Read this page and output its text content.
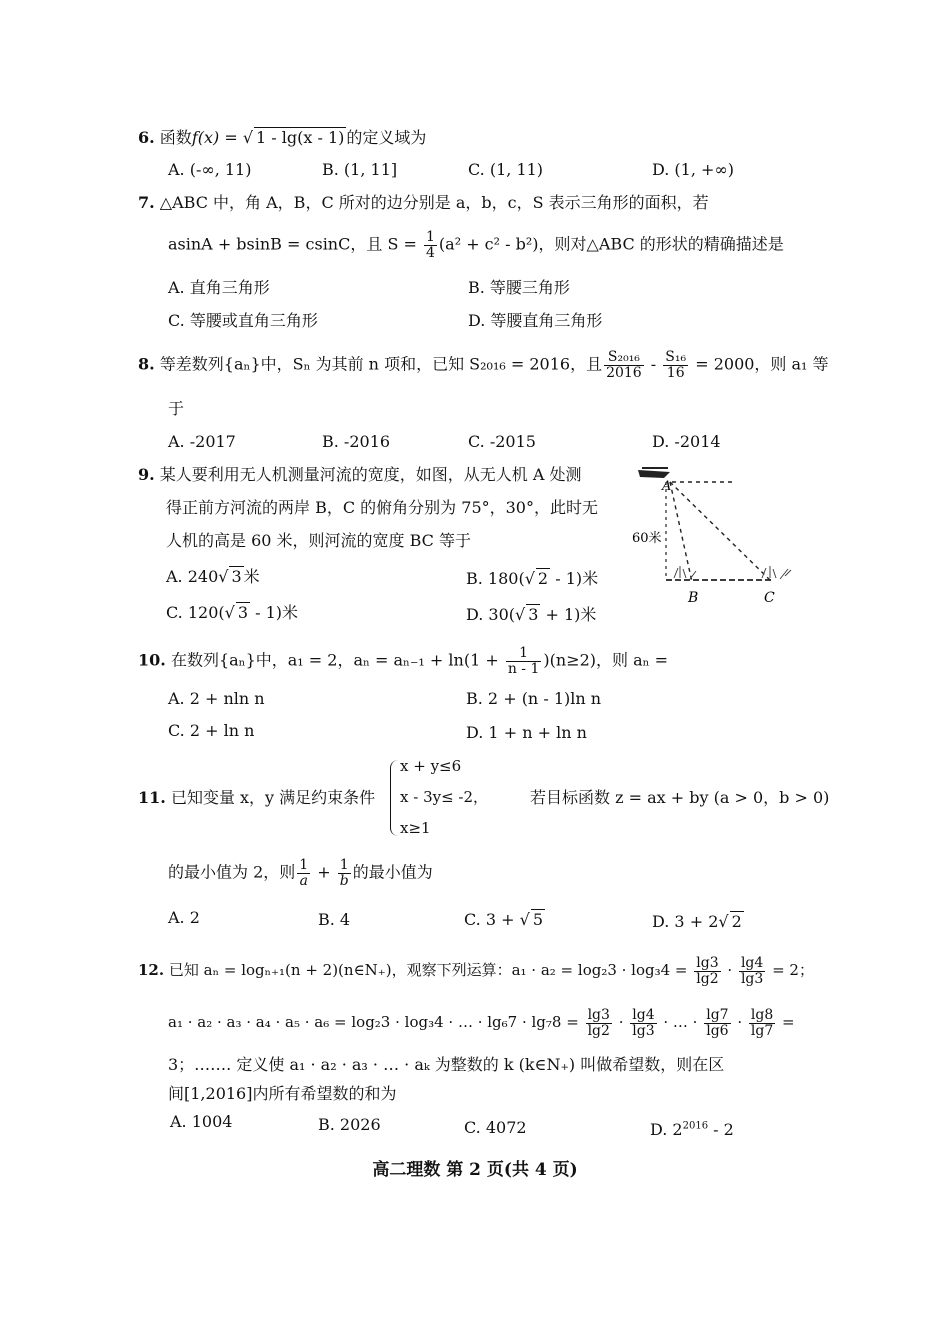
6. 函数f(x) = √ 1 - lg(x - 1) 的定义域为
A. (-∞, 11)	B. (1, 11]	C. (1, 11)	D. (1, +∞)
7. △ABC 中，角 A，B，C 所对的边分别是 a，b，c，S 表示三角形的面积，若
asinA + bsinB = csinC，且 $S = \frac{1}{4} (a^2 + c^2 - b^2)$，则对△ABC 的形状的精确描述是
A. 直角三角形	B. 等腰三角形
C. 等腰或直角三角形	D. 等腰直角三角形
8. 等差数列{aₙ}中，Sₙ 为其前 n 项和，已知 S₂₀₁₆ = 2016，且 $\frac{\text{S₂₀₁₆}}{2016} - \frac{\text{S₁₆}}{16} = 2000$，则 a₁ 等
于
A. -2017	B. -2016	C. -2015	D. -2014
9. 某人要利用无人机测量河流的宽度，如图，从无人机 A 处测
得正前方河流的两岸 B，C 的俯角分别为 75°，30°，此时无
人机的高是 60 米，则河流的宽度 BC 等于
A. 240√ 3 米	B. 180(√ 2 - 1)米
C. 120(√ 3 - 1)米	D. 30(√ 3 + 1)米
A
B	C
60米
10. 在数列{aₙ}中，a₁ = 2，$a_n = a_{n-1} + \ln(1 + \frac{1}{n - 1} )(n\ge 2)$，则 aₙ =
A. 2 + nln n	B. 2 + (n - 1)ln n
C. 2 + ln n	D. 1 + n + ln n
11. 已知变量 x，y 满足约束条件
x + y≤6
x - 3y≤ -2，
x≥1
若目标函数 z = ax + by (a > 0，b > 0)
的最小值为 2，则 $\frac{1}{a} + \frac{1}{b}$ 的最小值为
A. 2	B. 4	C. 3 + √ 5	D. 3 + 2√ 2
12. 已知 aₙ = logₙ₊₁(n + 2)(n∈N₊)，观察下列运算：$a_1 \cdot a_2 = \log_23 \cdot \log_34 = \frac{\lg 3}{\lg 2} \cdot \frac{\lg 4}{\lg 3} = 2$；
a₁ · a₂ · a₃ · a₄ · a₅ · a₆ = log₂3 · log₃4 · … · $\lg_67 \cdot \lg_78 = \frac{\lg 3}{\lg 2} \cdot \frac{\lg 4}{\lg 3}$ · … · $\frac{\lg 7}{\lg 6} \cdot \frac{\lg 8}{\lg 7}$ =
3；……. 定义使 a₁ · a₂ · a₃ · … · aₖ 为整数的 k (k∈N₊) 叫做希望数，则在区
间[1,2016]内所有希望数的和为
A. 1004	B. 2026	C. 4072	D. $2^{2016} - 2$
高二理数 第 2 页(共 4 页)
